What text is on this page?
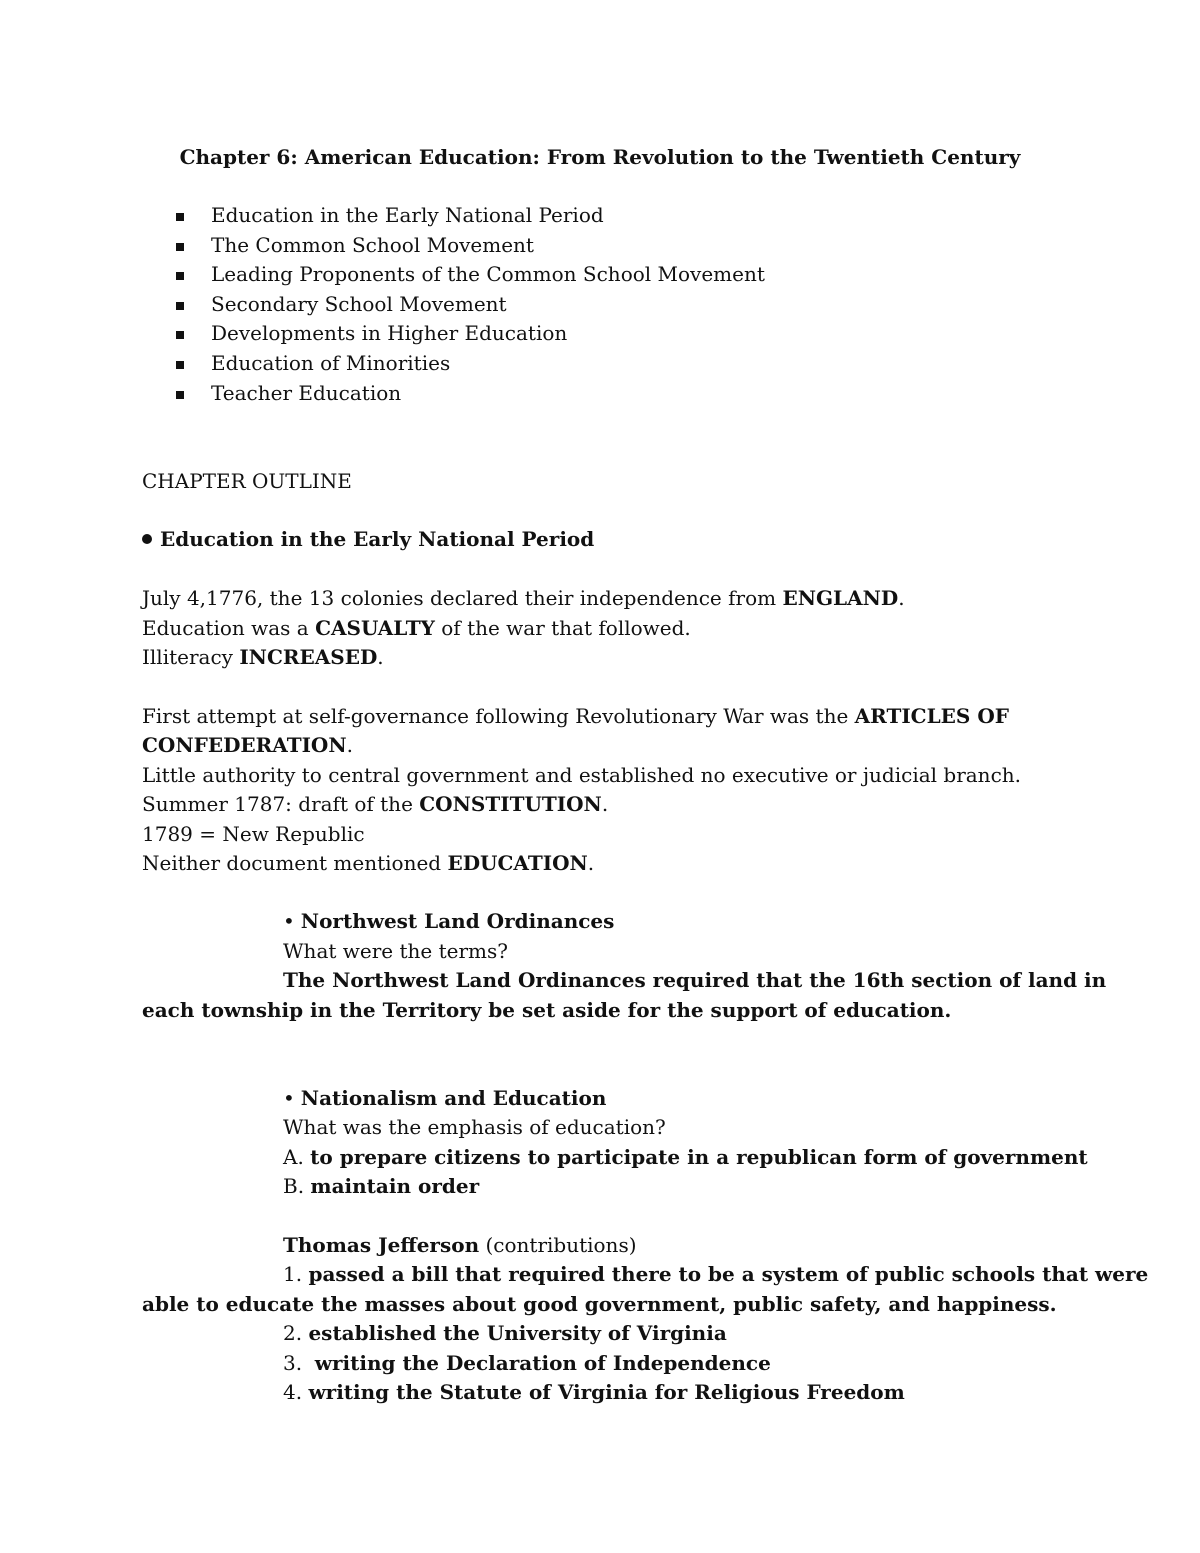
Chapter 6: American Education: From Revolution to the Twentieth Century
Education in the Early National Period
The Common School Movement
Leading Proponents of the Common School Movement
Secondary School Movement
Developments in Higher Education
Education of Minorities
Teacher Education
CHAPTER OUTLINE
Education in the Early National Period
July 4,1776, the 13 colonies declared their independence from ENGLAND.
Education was a CASUALTY of the war that followed.
Illiteracy INCREASED.
First attempt at self-governance following Revolutionary War was the ARTICLES OF
CONFEDERATION.
Little authority to central government and established no executive or judicial branch.
Summer 1787: draft of the CONSTITUTION.
1789 = New Republic
Neither document mentioned EDUCATION.
• Northwest Land Ordinances
What were the terms?
The Northwest Land Ordinances required that the 16th section of land in
each township in the Territory be set aside for the support of education.
• Nationalism and Education
What was the emphasis of education?
A. to prepare citizens to participate in a republican form of government
B. maintain order
Thomas Jefferson (contributions)
1. passed a bill that required there to be a system of public schools that were
able to educate the masses about good government, public safety, and happiness.
2. established the University of Virginia
3.  writing the Declaration of Independence
4. writing the Statute of Virginia for Religious Freedom
